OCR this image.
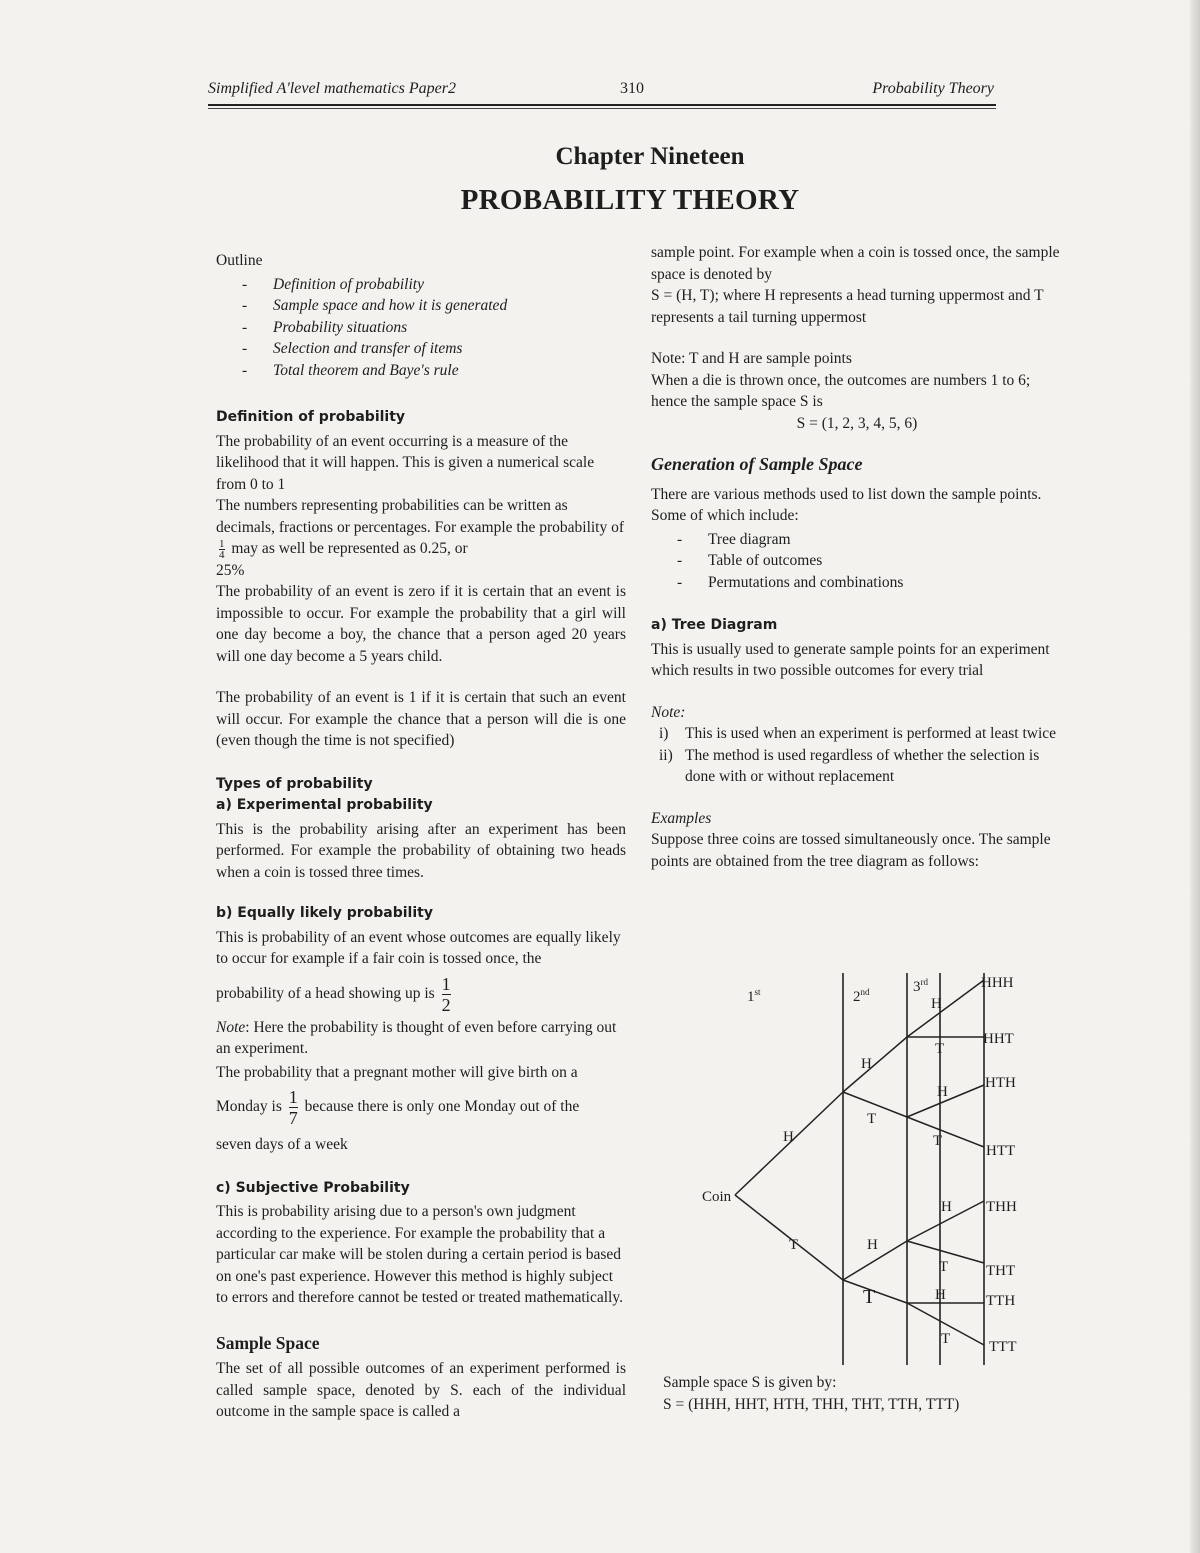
Simplified A'level mathematics Paper2	310	Probability Theory
Chapter Nineteen
PROBABILITY THEORY

Outline

- Definition of probability
- Sample space and how it is generated
- Probability situations
- Selection and transfer of items
- Total theorem and Baye's rule

Definition of probability

The probability of an event occurring is a measure of the likelihood that it will happen. This is given a numerical scale from 0 to 1

The numbers representing probabilities can be written as decimals, fractions or percentages. For example the probability of
$\frac{1}{4}$ may as well be represented as 0.25, or

25%

The probability of an event is zero if it is certain that an event is impossible to occur. For example the probability that a girl will one day become a boy, the chance that a person aged 20 years will one day become a 5 years child.

The probability of an event is 1 if it is certain that such an event will occur. For example the chance that a person will die is one (even though the time is not specified)

Types of probability

a) Experimental probability

This is the probability arising after an experiment has been performed. For example the probability of obtaining two heads when a coin is tossed three times.

b) Equally likely probability

This is probability of an event whose outcomes are equally likely to occur for example if a fair coin is tossed once, the

probability of a head showing up is $\frac{1}{2}$

Note: Here the probability is thought of even before carrying out an experiment.

The probability that a pregnant mother will give birth on a

Monday is $\frac{1}{7}$ because there is only one Monday out of the

seven days of a week

c) Subjective Probability

This is probability arising due to a person's own judgment according to the experience. For example the probability that a particular car make will be stolen during a certain period is based on one's past experience. However this method is highly subject to errors and therefore cannot be tested or treated mathematically.

Sample Space

The set of all possible outcomes of an experiment performed is called sample space, denoted by S. each of the individual outcome in the sample space is called a

sample point. For example when a coin is tossed once, the sample space is denoted by

S = (H, T); where H represents a head turning uppermost and T represents a tail turning uppermost

Note: T and H are sample points

When a die is thrown once, the outcomes are numbers 1 to 6; hence the sample space S is

S = (1, 2, 3, 4, 5, 6)

Generation of Sample Space

There are various methods used to list down the sample points. Some of which include:

- Tree diagram
- Table of outcomes
- Permutations and combinations

a) Tree Diagram

This is usually used to generate sample points for an experiment which results in two possible outcomes for every trial

Note:

i) This is used when an experiment is performed at least twice
ii) The method is used regardless of whether the selection is done with or without replacement

Examples

Suppose three coins are tossed simultaneously once. The sample points are obtained from the tree diagram as follows:

1st	2nd	3rd
Coin
H
T
H
T
H
T
H
T
H
T
H
T
H
T
HHH
HHT
HTH
HTT
THH
THT
TTH
TTT

Sample space S is given by:

S = (HHH, HHT, HTH, THH, THT, TTH, TTT)
